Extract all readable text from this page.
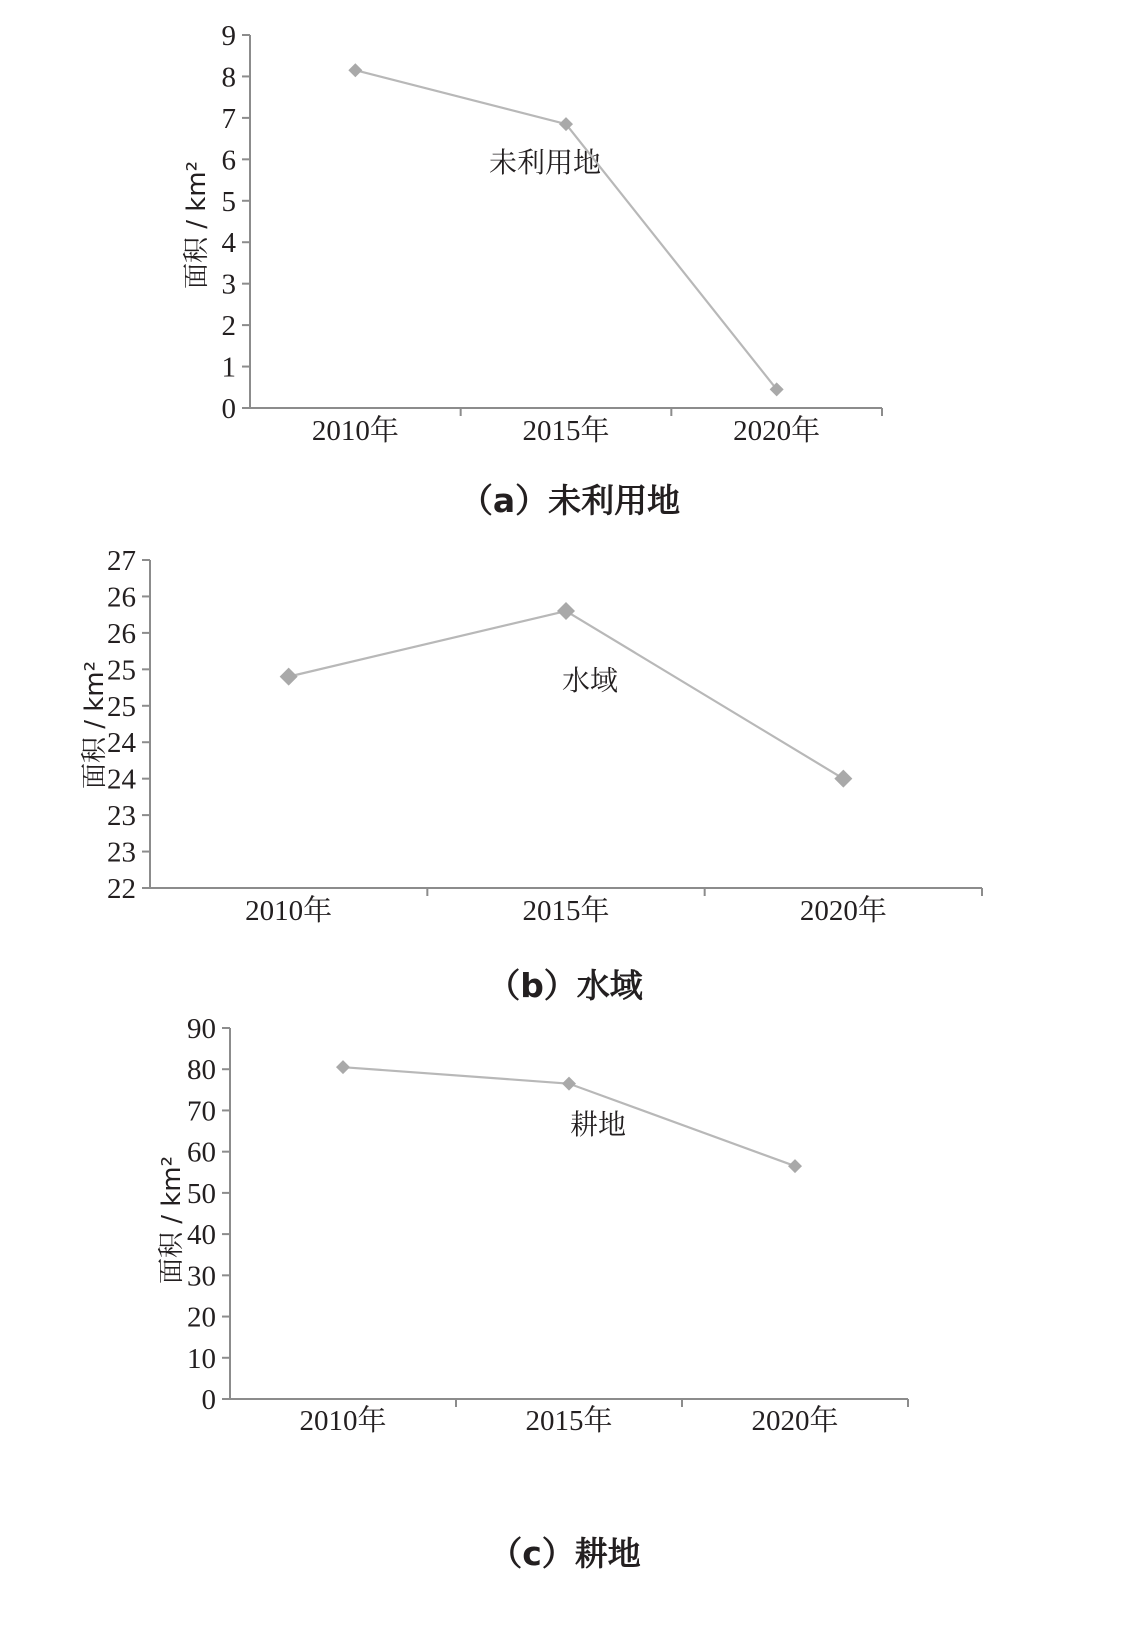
面积 / km²	未利用地
（a）未利用地
0
1
2
3
4
5
6
7
8
9
2010年	2015年	2020年
面积 / km²	水域
（b）水域
22
23
23
24
24
25
25
26
26
27
2010年	2015年	2020年
面积 / km²
耕地
（c）耕地
0
10
20
30
40
50
60
70
80
90
2010年	2015年	2020年
